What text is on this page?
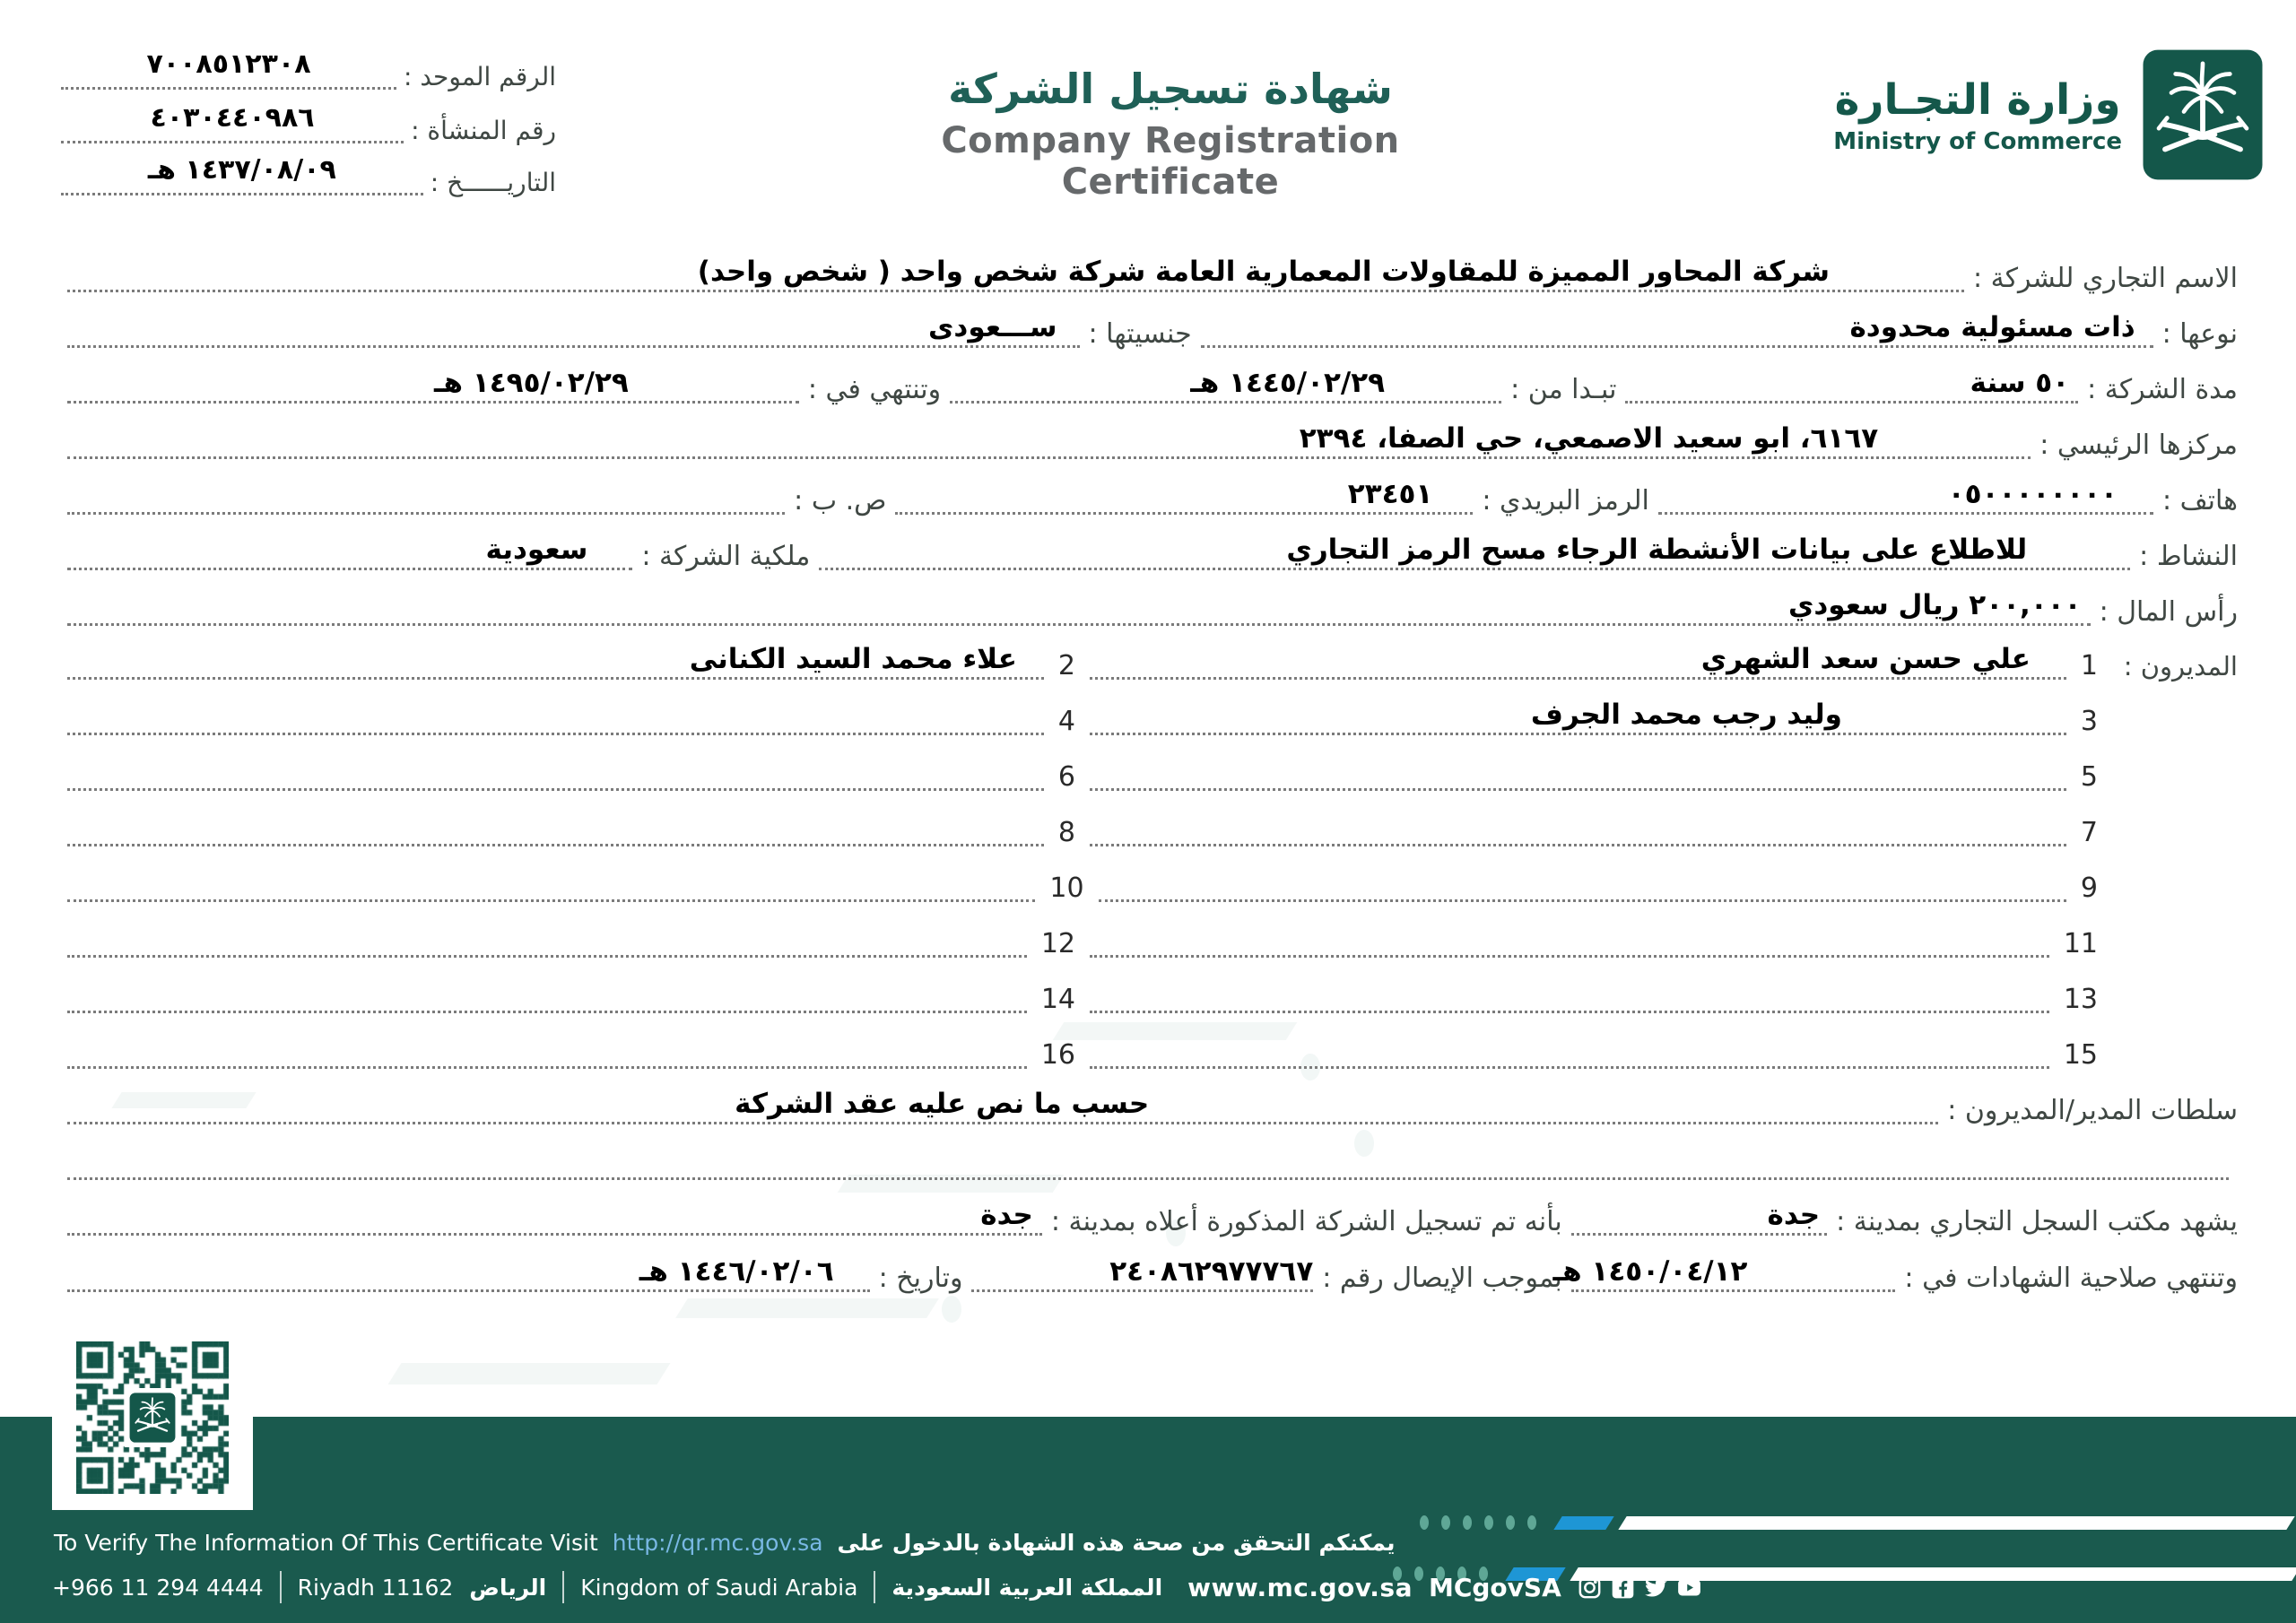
الرقم الموحد :
٧٠٠٨٥١٢٣٠٨
رقم المنشأة :
٤٠٣٠٤٤٠٩٨٦
التاريــــــخ :
١٤٣٧/٠٨/٠٩ هـ
شهادة تسجيل الشركة
Company Registration Certificate
وزارة التجـارة
Ministry of Commerce
الاسم التجاري للشركة :
شركة المحاور المميزة للمقاولات المعمارية العامة شركة شخص واحد ( شخص واحد)
نوعها :
ذات مسئولية محدودة
جنسيتها :
ســـعودى
مدة الشركة :
٥٠ سنة
تبـدا من :
١٤٤٥/٠٢/٢٩ هـ
وتنتهي في :
١٤٩٥/٠٢/٢٩ هـ
مركزها الرئيسي :
٦١٦٧، ابو سعيد الاصمعي، حي الصفا، ٢٣٩٤
هاتف :
٠٥٠٠٠٠٠٠٠٠
الرمز البريدي :
٢٣٤٥١
ص. ب :
النشاط :
للاطلاع على بيانات الأنشطة الرجاء مسح الرمز التجاري
ملكية الشركة :
سعودية
رأس المال :
٢٠٠,٠٠٠ ريال سعودي
المديرون :
1
علي حسن سعد الشهري
2
علاء محمد السيد الكنانى
3
وليد رجب محمد الجرف
4
5
6
7
8
9
10
11
12
13
14
15
16
سلطات المدير/المديرون :
حسب ما نص عليه عقد الشركة
يشهد مكتب السجل التجاري بمدينة :
جدة
بأنه تم تسجيل الشركة المذكورة أعلاه بمدينة :
جدة
وتنتهي صلاحية الشهادات في :
١٤٥٠/٠٤/١٢ هـ
بموجب الإيصال رقم :
٢٤٠٨٦٢٩٧٧٧٦٧
وتاريخ :
١٤٤٦/٠٢/٠٦ هـ
To Verify The Information Of This Certificate Visit http://qr.mc.gov.sa يمكنكم التحقق من صحة هذه الشهادة بالدخول على
+966 11 294 4444 Riyadh 11162 الرياض Kingdom of Saudi Arabia المملكة العربية السعودية www.mc.gov.sa MCgovSA
